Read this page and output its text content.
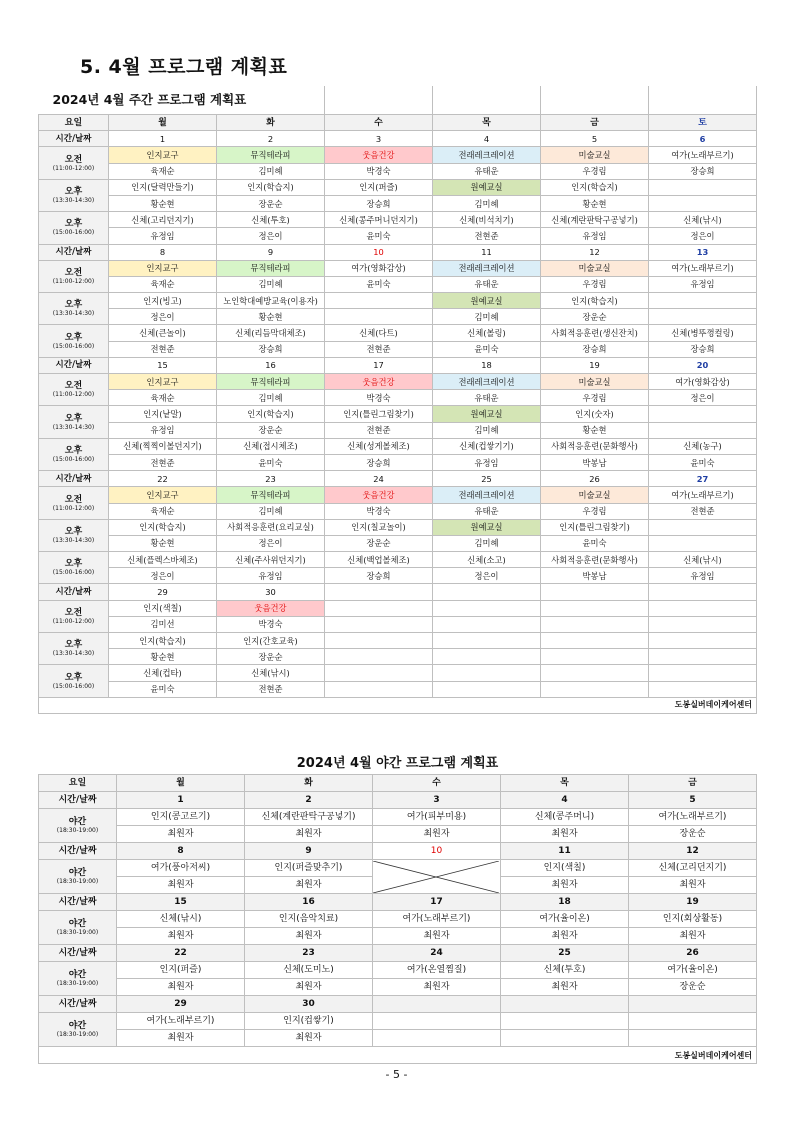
5. 4월 프로그램 계획표
2024년 4월 주간 프로그램 계획표						
요일	월	화	수	목	금	토
시간/날짜	1	2	3	4	5	6

오전
(11:00-12:00)	인지교구	뮤직테라피	웃음건강	전래레크레이션	미술교실	여가(노래부르기)
	육재순	김미혜	박경숙	유태운	우경림	장승희

오후
(13:30-14:30)	인지(달력만들기)	인지(학습지)	인지(퍼즐)	원예교실	인지(학습지)	
	황순현	장운순	장승희	김미혜	황순현	

오후
(15:00-16:00)	신체(고리던지기)	신체(투호)	신체(콩주머니던지기)	신체(비석치기)	신체(계란판탁구공넣기)	신체(낚시)
	유정임	정은이	윤미숙	전현준	유정임	정은이
시간/날짜	8	9	10	11	12	13

오전
(11:00-12:00)	인지교구	뮤직테라피	여가(영화감상)	전래레크레이션	미술교실	여가(노래부르기)
	육재순	김미혜	윤미숙	유태운	우경림	유정임

오후
(13:30-14:30)	인지(빙고)	노인학대예방교육(이용자)		원예교실	인지(학습지)	
	정은이	황순현		김미혜	장운순	

오후
(15:00-16:00)	신체(큰놀이)	신체(리듬막대체조)	신체(다트)	신체(볼링)	사회적응훈련(생신잔치)	신체(병뚜껑컬링)
	전현준	장승희	전현준	윤미숙	장승희	장승희
시간/날짜	15	16	17	18	19	20

오전
(11:00-12:00)	인지교구	뮤직테라피	웃음건강	전래레크레이션	미술교실	여가(영화감상)
	육재순	김미혜	박경숙	유태운	우경림	정은이

오후
(13:30-14:30)	인지(낱말)	인지(학습지)	인지(틀린그림찾기)	원예교실	인지(숫자)	
	유정임	장운순	전현준	김미혜	황순현	

오후
(15:00-16:00)	신체(찍찍이볼던지기)	신체(접시체조)	신체(성게볼체조)	신체(컵쌓기기)	사회적응훈련(문화행사)	신체(농구)
	전현준	윤미숙	장승희	유정임	박봉남	윤미숙
시간/날짜	22	23	24	25	26	27

오전
(11:00-12:00)	인지교구	뮤직테라피	웃음건강	전래레크레이션	미술교실	여가(노래부르기)
	육재순	김미혜	박경숙	유태운	우경림	전현준

오후
(13:30-14:30)	인지(학습지)	사회적응훈련(요리교실)	인지(칠교놀이)	원예교실	인지(틀린그림찾기)	
	황순현	정은이	장운순	김미혜	윤미숙	

오후
(15:00-16:00)	신체(플렉스바체조)	신체(주사위던지기)	신체(백업볼체조)	신체(소고)	사회적응훈련(문화행사)	신체(낚시)
	정은이	유정임	장승희	정은이	박봉남	유정임
시간/날짜	29	30				

오전
(11:00-12:00)	인지(색칠)	웃음건강				
	김미선	박경숙				

오후
(13:30-14:30)	인지(학습지)	인지(간호교육)				
	황순현	장운순				

오후
(15:00-16:00)	신체(컵타)	신체(낚시)				
	윤미숙	전현준				
도봉실버데이케어센터						
2024년 4월 야간 프로그램 계획표					
요일	월	화	수	목	금
시간/날짜	1	2	3	4	5

야간
(18:30-19:00)	인지(콩고르기)	신체(계란판탁구공넣기)	여가(피부미용)	신체(콩주머니)	여가(노래부르기)
	최원자	최원자	최원자	최원자	장운순
시간/날짜	8	9	10	11	12

야간
(18:30-19:00)	여가(풍아저씨)	인지(퍼즐맞추기)		인지(색칠)	신체(고리던지기)
	최원자	최원자		최원자	최원자
시간/날짜	15	16	17	18	19

야간
(18:30-19:00)	신체(낚시)	인지(음악치료)	여가(노래부르기)	여가(율이온)	인지(회상활동)
	최원자	최원자	최원자	최원자	최원자
시간/날짜	22	23	24	25	26

야간
(18:30-19:00)	인지(퍼즐)	신체(도미노)	여가(온열찜질)	신체(투호)	여가(율이온)
	최원자	최원자	최원자	최원자	장운순
시간/날짜	29	30			

야간
(18:30-19:00)	여가(노래부르기)	인지(컵쌓기)			
	최원자	최원자			
도봉실버데이케어센터					
- 5 -
